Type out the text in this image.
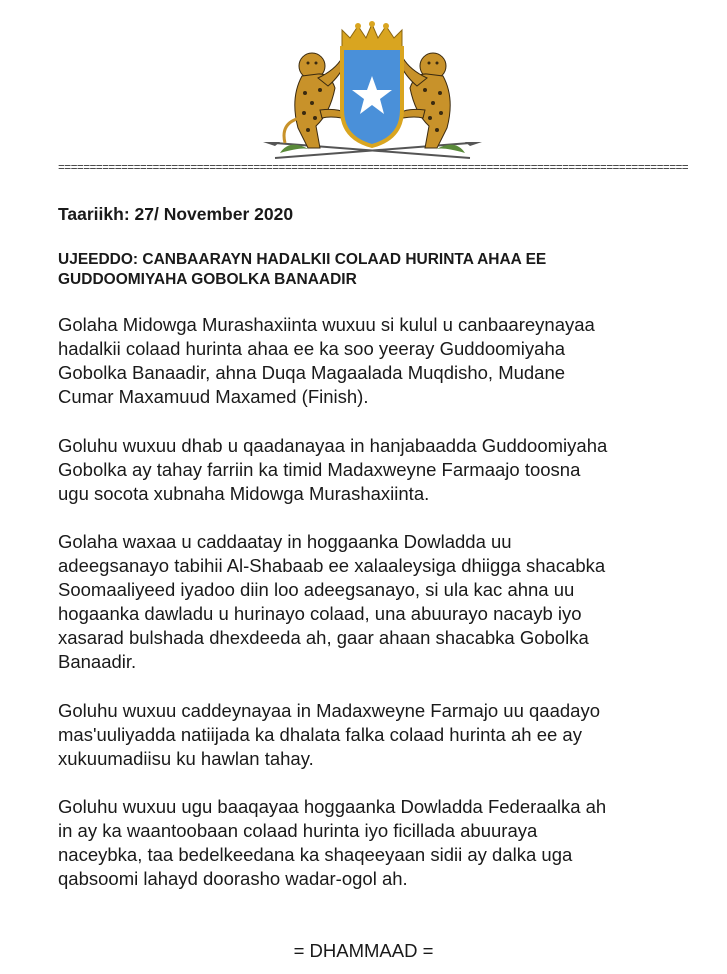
====================================================================================================
Taariikh: 27/ November 2020
UJEEDDO: CANBAARAYN HADALKII COLAAD HURINTA AHAA EE
GUDDOOMIYAHA GOBOLKA BANAADIR
Golaha Midowga Murashaxiinta wuxuu si kulul u canbaareynayaa
hadalkii colaad hurinta ahaa ee ka soo yeeray Guddoomiyaha
Gobolka Banaadir, ahna Duqa Magaalada Muqdisho, Mudane
Cumar Maxamuud Maxamed (Finish).
Goluhu wuxuu dhab u qaadanayaa in hanjabaadda Guddoomiyaha
Gobolka ay tahay farriin ka timid Madaxweyne Farmaajo toosna
ugu socota xubnaha Midowga Murashaxiinta.
Golaha waxaa u caddaatay in hoggaanka Dowladda uu
adeegsanayo tabihii Al-Shabaab ee xalaaleysiga dhiigga shacabka
Soomaaliyeed iyadoo diin loo adeegsanayo, si ula kac ahna uu
hogaanka dawladu u hurinayo colaad, una abuurayo nacayb iyo
xasarad bulshada dhexdeeda ah, gaar ahaan shacabka Gobolka
Banaadir.
Goluhu wuxuu caddeynayaa in Madaxweyne Farmajo uu qaadayo
mas'uuliyadda natiijada ka dhalata falka colaad hurinta ah ee ay
xukuumadiisu ku hawlan tahay.
Goluhu wuxuu ugu baaqayaa hoggaanka Dowladda Federaalka ah
in ay ka waantoobaan colaad hurinta iyo ficillada abuuraya
naceybka, taa bedelkeedana ka shaqeeyaan sidii ay dalka uga
qabsoomi lahayd doorasho wadar-ogol ah.
= DHAMMAAD =
